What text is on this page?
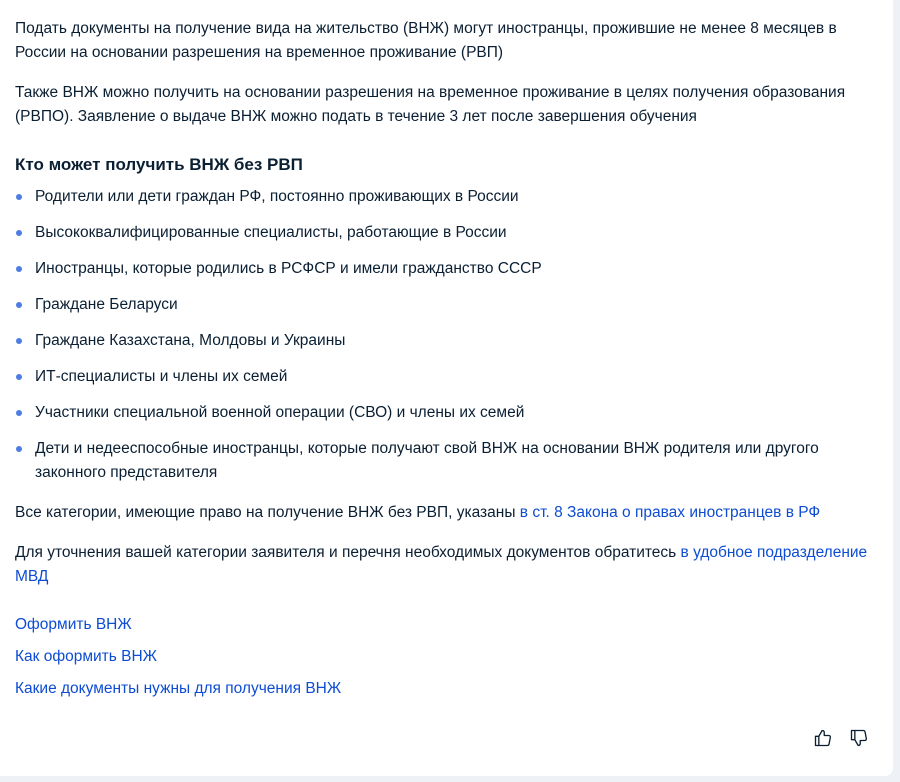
Подать документы на получение вида на жительство (ВНЖ) могут иностранцы, прожившие не менее 8 месяцев в России на основании разрешения на временное проживание (РВП)

Также ВНЖ можно получить на основании разрешения на временное проживание в целях получения образования (РВПО). Заявление о выдаче ВНЖ можно подать в течение 3 лет после завершения обучения

Кто может получить ВНЖ без РВП
Родители или дети граждан РФ, постоянно проживающих в России
Высококвалифицированные специалисты, работающие в России
Иностранцы, которые родились в РСФСР и имели гражданство СССР
Граждане Беларуси
Граждане Казахстана, Молдовы и Украины
ИТ-специалисты и члены их семей
Участники специальной военной операции (СВО) и члены их семей
Дети и недееспособные иностранцы, которые получают свой ВНЖ на основании ВНЖ родителя или другого законного представителя

Все категории, имеющие право на получение ВНЖ без РВП, указаны в ст. 8 Закона о правах иностранцев в РФ

Для уточнения вашей категории заявителя и перечня необходимых документов обратитесь в удобное подразделение МВД

Оформить ВНЖ
Как оформить ВНЖ
Какие документы нужны для получения ВНЖ
